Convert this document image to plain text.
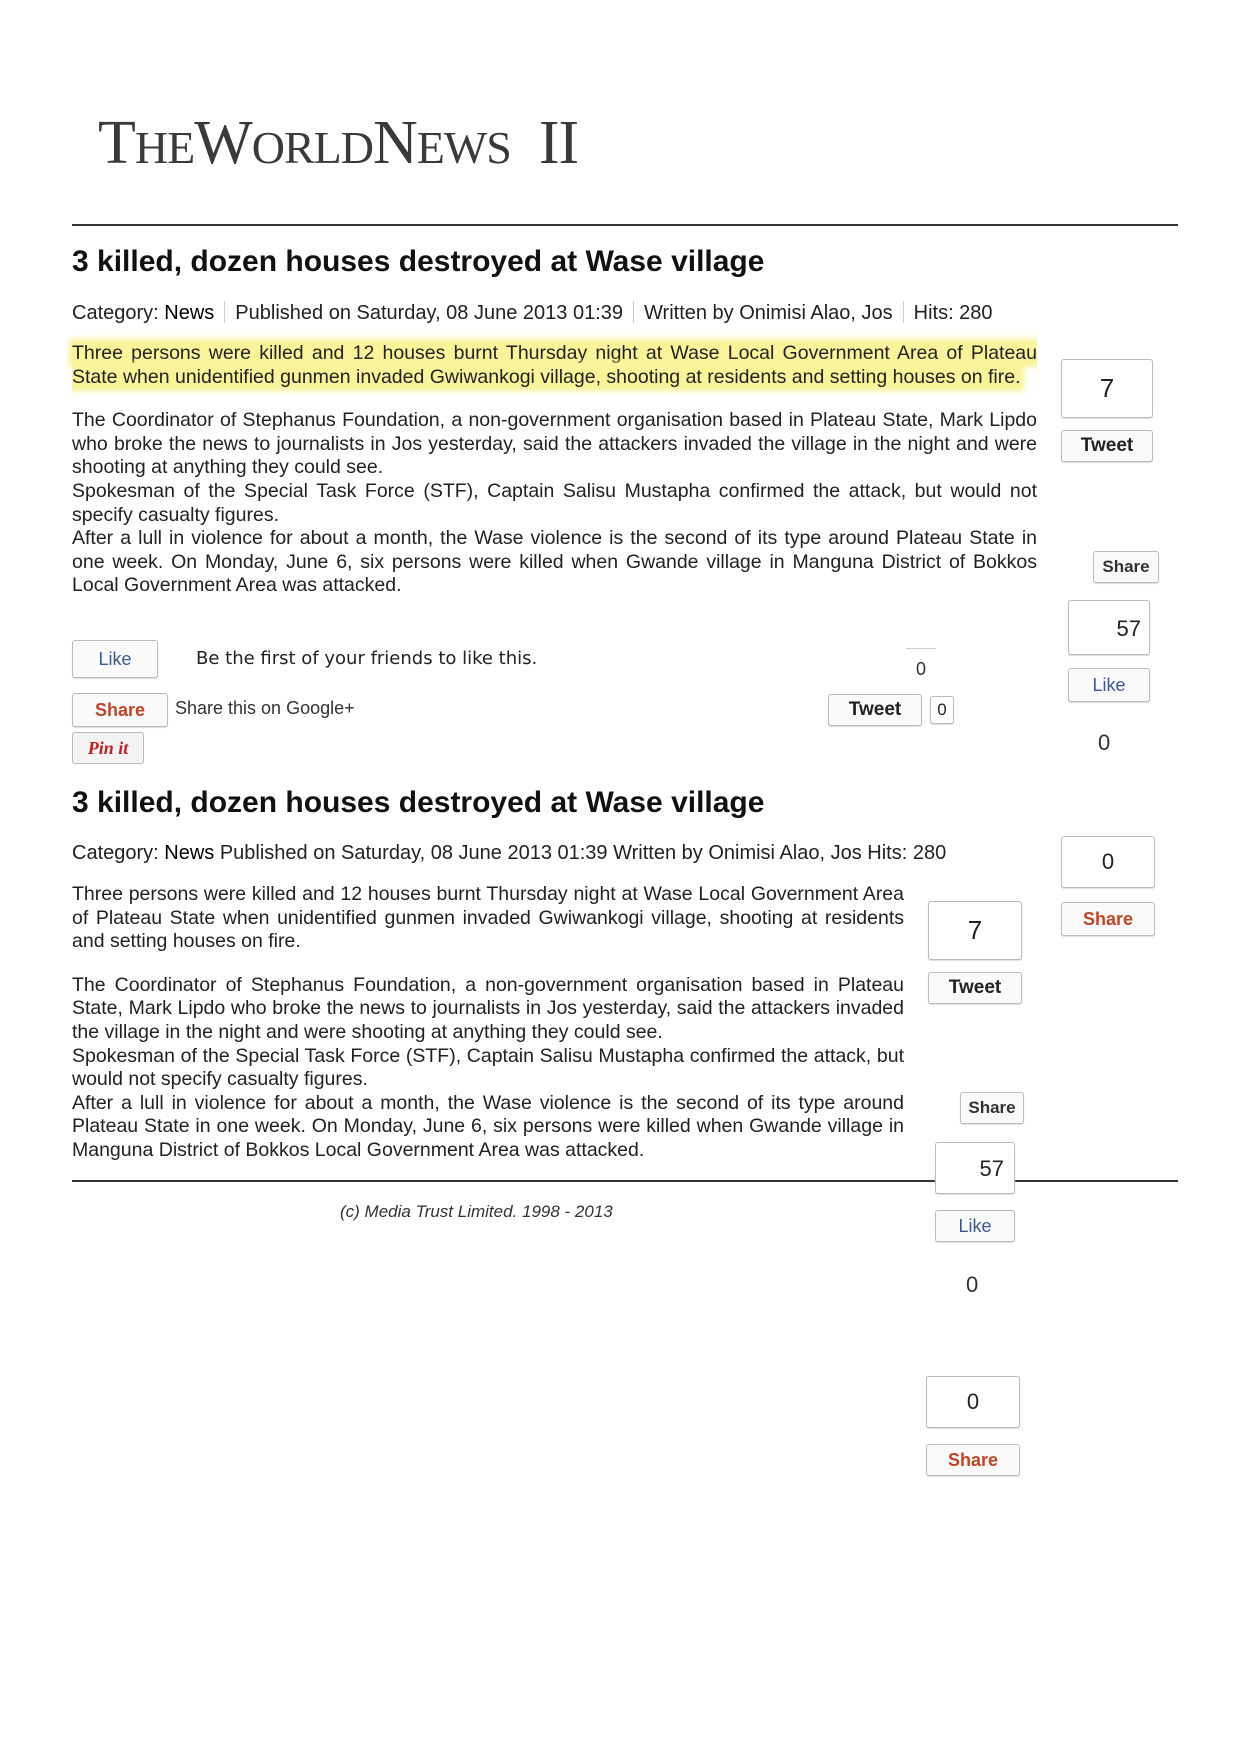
THEWORLDNEWS II
3 killed, dozen houses destroyed at Wase village
Category: News Published on Saturday, 08 June 2013 01:39 Written by Onimisi Alao, Jos Hits: 280

Three persons were killed and 12 houses burnt Thursday night at Wase Local Government Area of Plateau State when unidentified gunmen invaded Gwiwankogi village, shooting at residents and setting houses on fire.

The Coordinator of Stephanus Foundation, a non-government organisation based in Plateau State, Mark Lipdo who broke the news to journalists in Jos yesterday, said the attackers invaded the village in the night and were shooting at anything they could see.

Spokesman of the Special Task Force (STF), Captain Salisu Mustapha confirmed the attack, but would not specify casualty figures.

After a lull in violence for about a month, the Wase violence is the second of its type around Plateau State in one week. On Monday, June 6, six persons were killed when Gwande village in Manguna District of Bokkos Local Government Area was attacked.

Like	Be the first of your friends to like this.	0
Share	Share this on Google+	Tweet	0
Pin it
7
Tweet
Share
57
Like
0
0
Share
3 killed, dozen houses destroyed at Wase village
Category: News Published on Saturday, 08 June 2013 01:39 Written by Onimisi Alao, Jos Hits: 280

Three persons were killed and 12 houses burnt Thursday night at Wase Local Government Area of Plateau State when unidentified gunmen invaded Gwiwankogi village, shooting at residents and setting houses on fire.

The Coordinator of Stephanus Foundation, a non-government organisation based in Plateau State, Mark Lipdo who broke the news to journalists in Jos yesterday, said the attackers invaded the village in the night and were shooting at anything they could see.

Spokesman of the Special Task Force (STF), Captain Salisu Mustapha confirmed the attack, but would not specify casualty figures.

After a lull in violence for about a month, the Wase violence is the second of its type around Plateau State in one week. On Monday, June 6, six persons were killed when Gwande village in Manguna District of Bokkos Local Government Area was attacked.

7
Tweet
Share
57
Like
0
0
Share
(c) Media Trust Limited. 1998 - 2013
